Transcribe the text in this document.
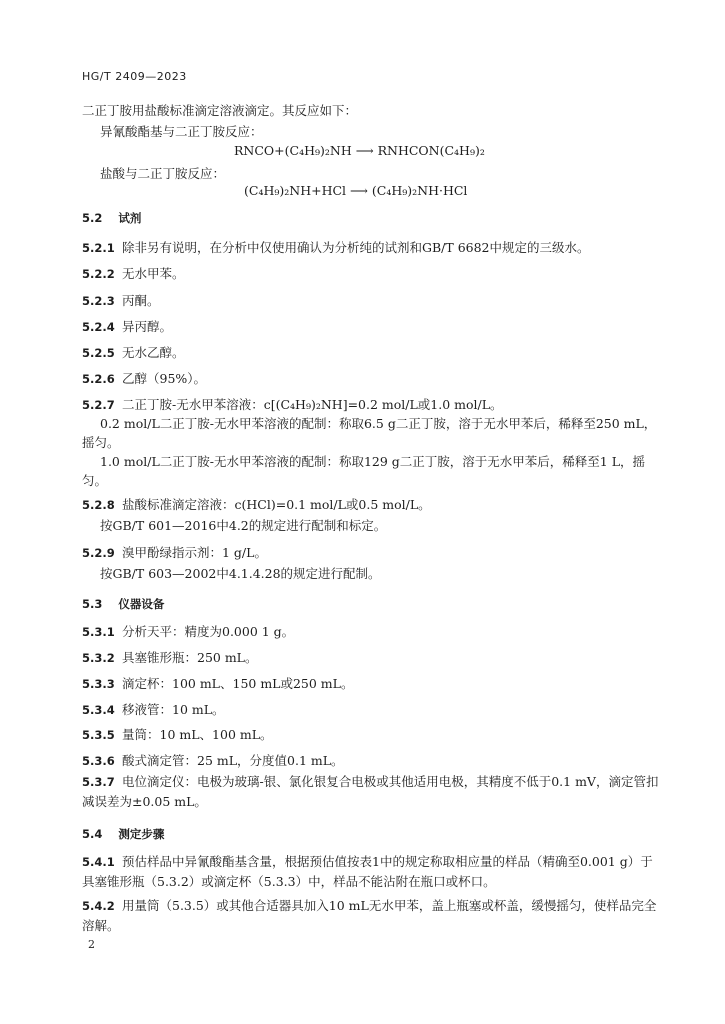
HG/T 2409—2023
二正丁胺用盐酸标准滴定溶液滴定。其反应如下：
异氰酸酯基与二正丁胺反应：
RNCO+(C₄H₉)₂NH ⟶ RNHCON(C₄H₉)₂
盐酸与二正丁胺反应：
(C₄H₉)₂NH+HCl ⟶ (C₄H₉)₂NH·HCl
5.2 试剂
5.2.1 除非另有说明，在分析中仅使用确认为分析纯的试剂和GB/T 6682中规定的三级水。
5.2.2 无水甲苯。
5.2.3 丙酮。
5.2.4 异丙醇。
5.2.5 无水乙醇。
5.2.6 乙醇（95%）。
5.2.7 二正丁胺-无水甲苯溶液：c[(C₄H₉)₂NH]=0.2 mol/L或1.0 mol/L。
0.2 mol/L二正丁胺-无水甲苯溶液的配制：称取6.5 g二正丁胺，溶于无水甲苯后，稀释至250 mL，摇匀。
1.0 mol/L二正丁胺-无水甲苯溶液的配制：称取129 g二正丁胺，溶于无水甲苯后，稀释至1 L，摇匀。
5.2.8 盐酸标准滴定溶液：c(HCl)=0.1 mol/L或0.5 mol/L。
按GB/T 601—2016中4.2的规定进行配制和标定。
5.2.9 溴甲酚绿指示剂：1 g/L。
按GB/T 603—2002中4.1.4.28的规定进行配制。
5.3 仪器设备
5.3.1 分析天平：精度为0.000 1 g。
5.3.2 具塞锥形瓶：250 mL。
5.3.3 滴定杯：100 mL、150 mL或250 mL。
5.3.4 移液管：10 mL。
5.3.5 量筒：10 mL、100 mL。
5.3.6 酸式滴定管：25 mL，分度值0.1 mL。
5.3.7 电位滴定仪：电极为玻璃-银、氯化银复合电极或其他适用电极，其精度不低于0.1 mV，滴定管扣减误差为±0.05 mL。
5.4 测定步骤
5.4.1 预估样品中异氰酸酯基含量，根据预估值按表1中的规定称取相应量的样品（精确至0.001 g）于具塞锥形瓶（5.3.2）或滴定杯（5.3.3）中，样品不能沾附在瓶口或杯口。
5.4.2 用量筒（5.3.5）或其他合适器具加入10 mL无水甲苯，盖上瓶塞或杯盖，缓慢摇匀，使样品完全溶解。
2
